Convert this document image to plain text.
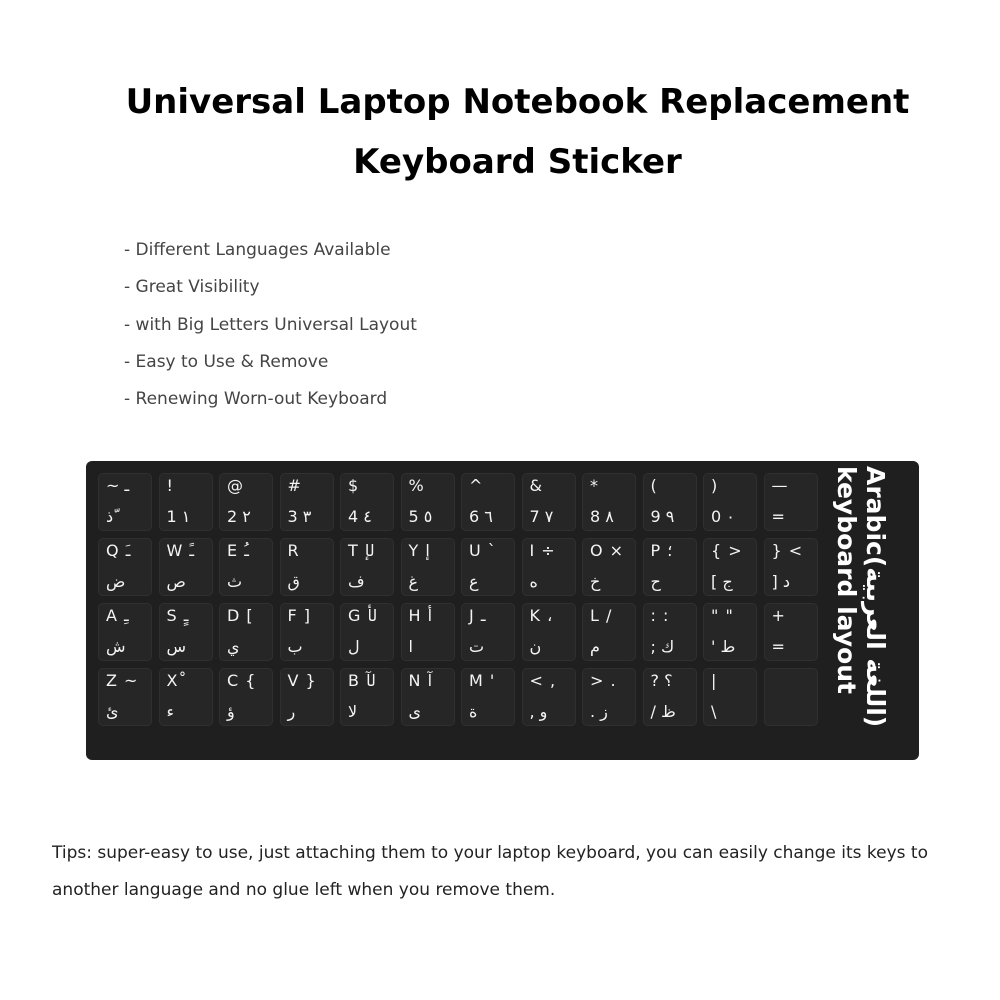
Universal Laptop Notebook Replacement
Keyboard Sticker
- Different Languages Available
- Great Visibility
- with Big Letters Universal Layout
- Easy to Use & Remove
- Renewing Worn-out Keyboard
~ ـ
ذ ّ
!
1 ١
@
2 ٢
#
3 ٣
$
4 ٤
%
5 ٥
^
6 ٦
&
7 ٧
*
8 ٨
(
9 ٩
)
0 ٠
—
=
Q ـَ
ض
W ـً
ص
E ـُ
ث
R
ق
T لإ
ف
Y إ
غ
U `
ع
I ÷
ه
O ×
خ
P ؛
ح
{ >
[ ج
} <
] د
A ـِ
ش
S ـٍ
س
D [
ي
F ]
ب
G لأ
ل
H أ
ا
J ـ
ت
K ،
ن
L /
م
: :
; ك
" "
' ط
+
=
Z ~
ئ
X ْ
ء
C {
ؤ
V }
ر
B لآ
لا
N آ
ى
M '
ة
< ,
, و
> .
. ز
? ؟
/ ظ
|
\
Arabic(اللغة العربية)
keyboard layout

Tips: super-easy to use, just attaching them to your laptop keyboard, you can easily change its keys to another language and no glue left when you remove them.
